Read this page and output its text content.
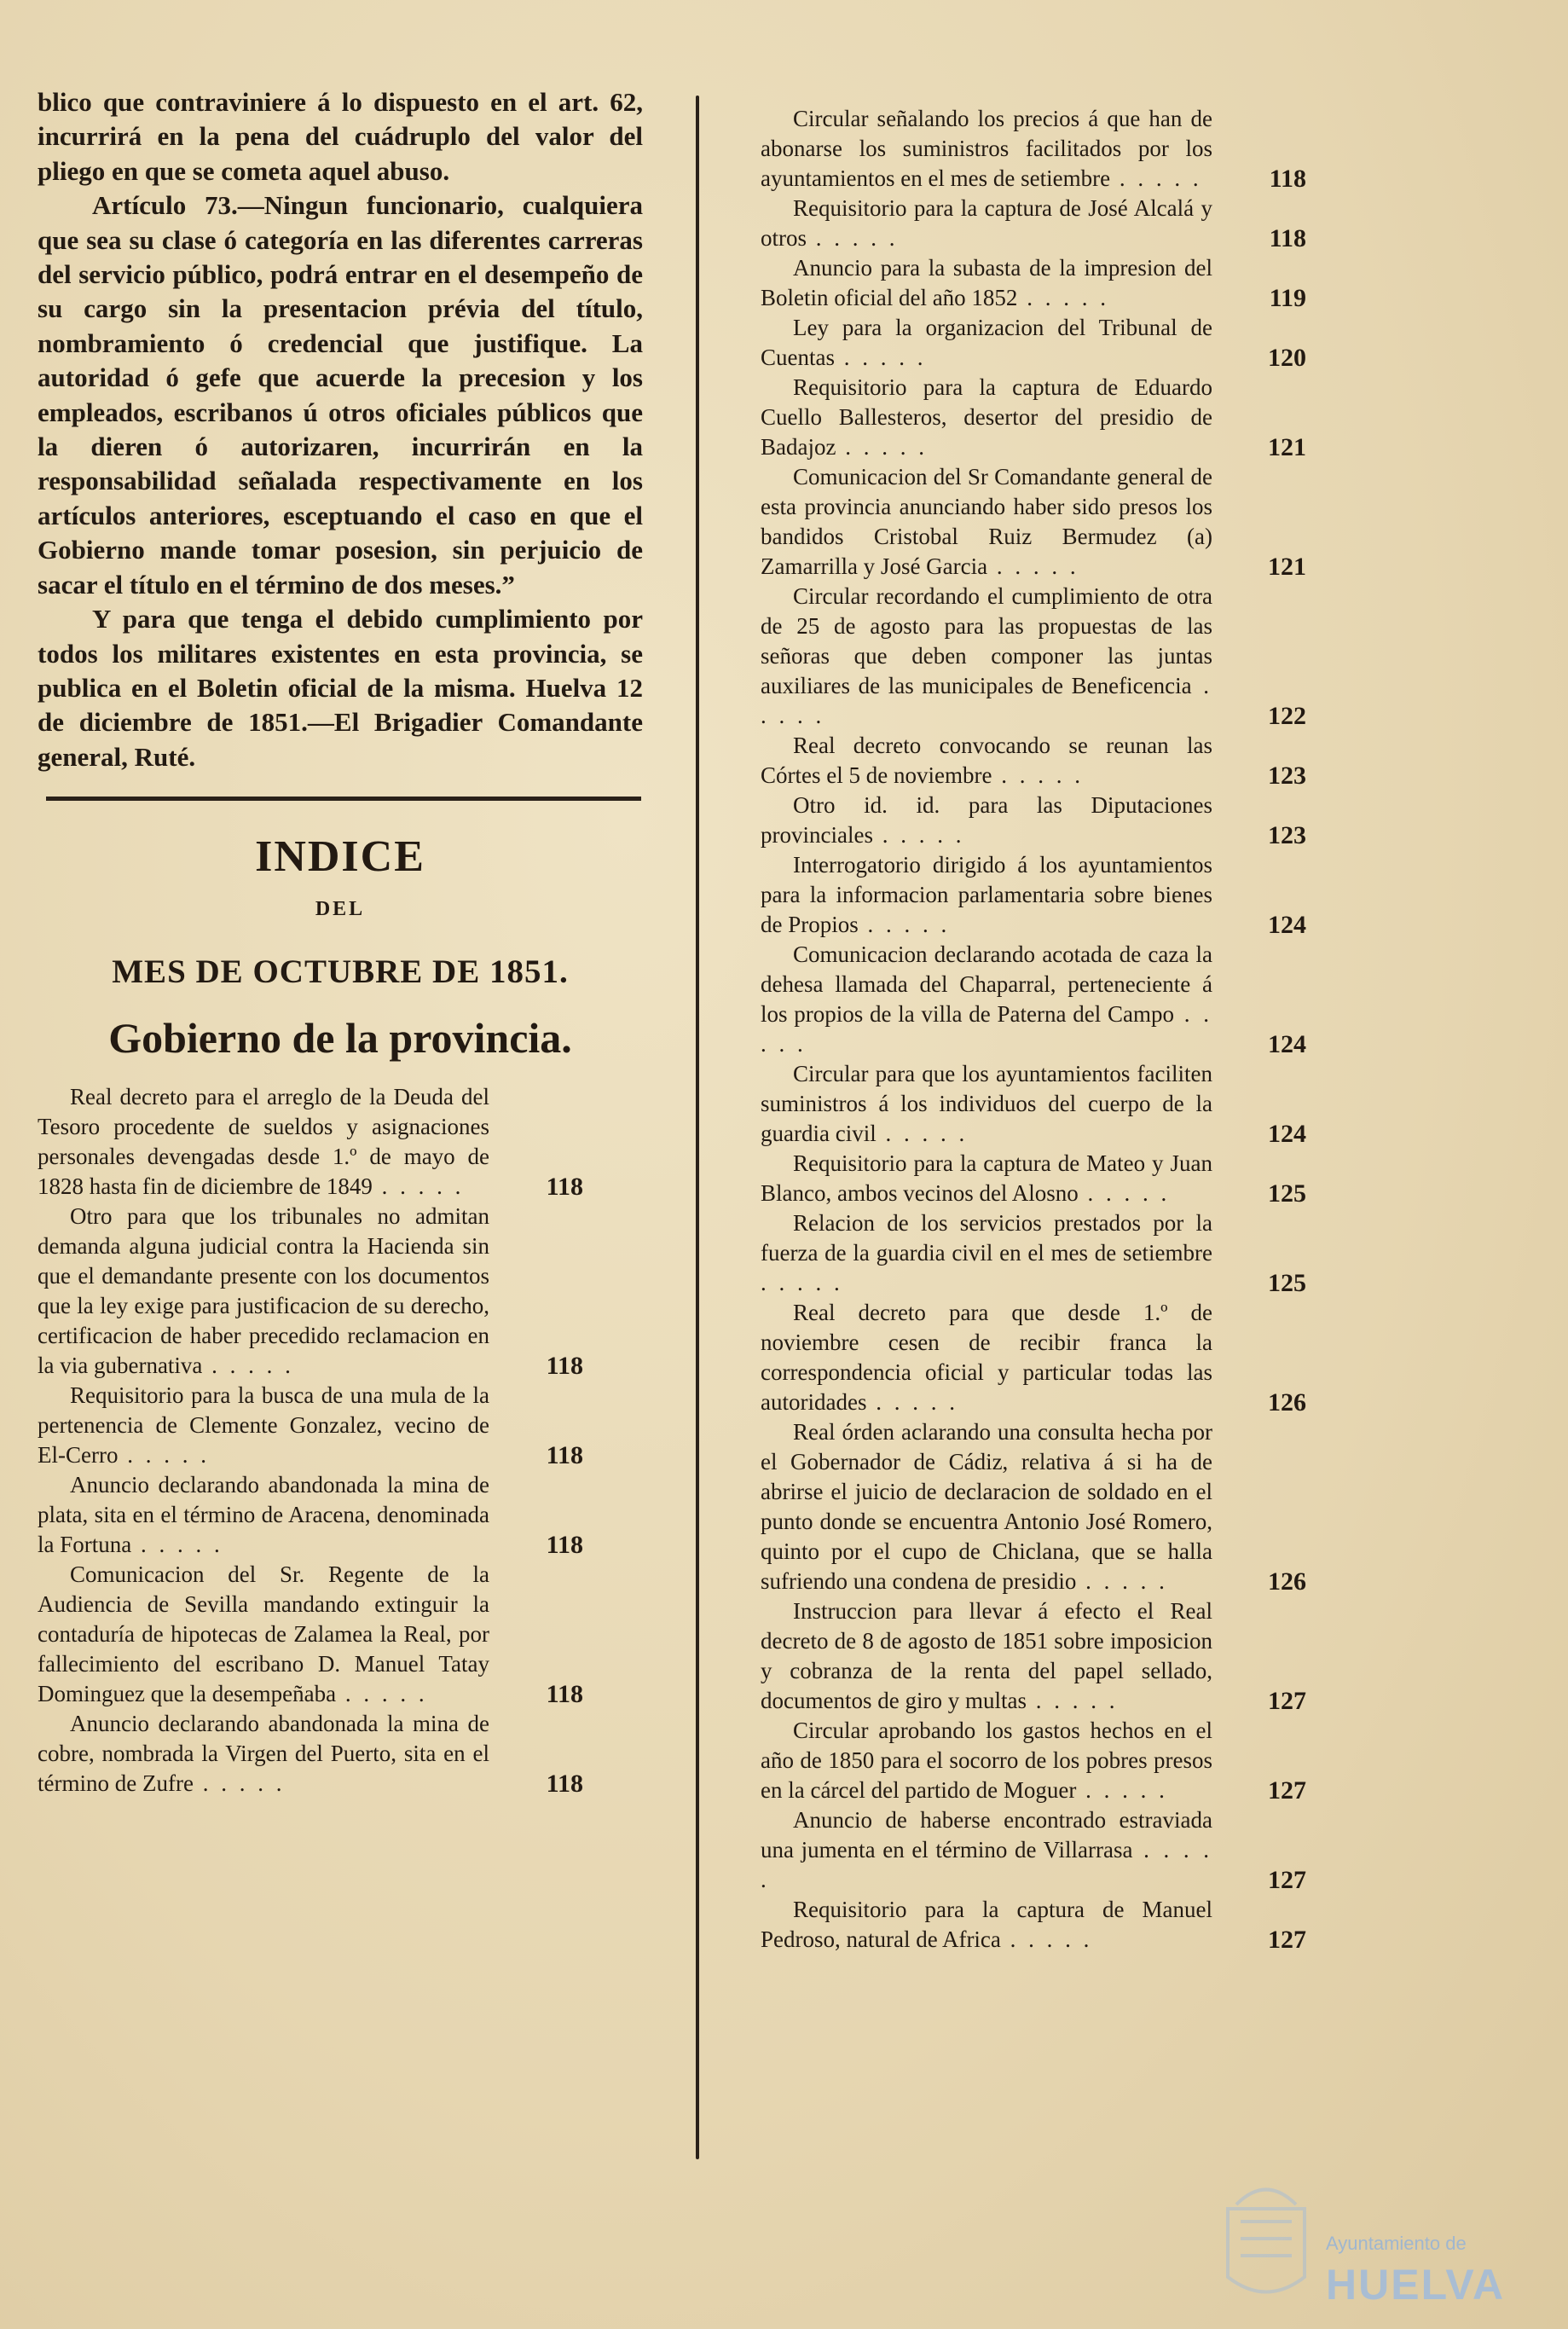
blico que contraviniere á lo dispuesto en el art. 62, incurrirá en la pena del cuádruplo del valor del pliego en que se cometa aquel abuso.

Artículo 73.—Ningun funcionario, cualquiera que sea su clase ó categoría en las diferentes carreras del servicio público, podrá entrar en el desempeño de su cargo sin la presentacion prévia del título, nombramiento ó credencial que justifique. La autoridad ó gefe que acuerde la precesion y los empleados, escribanos ú otros oficiales públicos que la dieren ó autorizaren, incurrirán en la responsabilidad señalada respectivamente en los artículos anteriores, esceptuando el caso en que el Gobierno mande tomar posesion, sin perjuicio de sacar el título en el término de dos meses.”

Y para que tenga el debido cumplimiento por todos los militares existentes en esta provincia, se publica en el Boletin oficial de la misma. Huelva 12 de diciembre de 1851.—El Brigadier Comandante general, Ruté.

INDICE
DEL
MES DE OCTUBRE DE 1851.
Gobierno de la provincia.
Real decreto para el arreglo de la Deuda del Tesoro procedente de sueldos y asignaciones personales devengadas desde 1.º de mayo de 1828 hasta fin de diciembre de 1849 . . . . .	118
Otro para que los tribunales no admitan demanda alguna judicial contra la Hacienda sin que el demandante presente con los documentos que la ley exige para justificacion de su derecho, certificacion de haber precedido reclamacion en la via gubernativa . . . . .	118
Requisitorio para la busca de una mula de la pertenencia de Clemente Gonzalez, vecino de El-Cerro . . . . .	118
Anuncio declarando abandonada la mina de plata, sita en el término de Aracena, denominada la Fortuna . . . . .	118
Comunicacion del Sr. Regente de la Audiencia de Sevilla mandando extinguir la contaduría de hipotecas de Zalamea la Real, por fallecimiento del escribano D. Manuel Tatay Dominguez que la desempeñaba . . . . .	118
Anuncio declarando abandonada la mina de cobre, nombrada la Virgen del Puerto, sita en el término de Zufre . . . . .	118
Circular señalando los precios á que han de abonarse los suministros facilitados por los ayuntamientos en el mes de setiembre . . . . .	118
Requisitorio para la captura de José Alcalá y otros . . . . .	118
Anuncio para la subasta de la impresion del Boletin oficial del año 1852 . . . . .	119
Ley para la organizacion del Tribunal de Cuentas . . . . .	120
Requisitorio para la captura de Eduardo Cuello Ballesteros, desertor del presidio de Badajoz . . . . .	121
Comunicacion del Sr Comandante general de esta provincia anunciando haber sido presos los bandidos Cristobal Ruiz Bermudez (a) Zamarrilla y José Garcia . . . . .	121
Circular recordando el cumplimiento de otra de 25 de agosto para las propuestas de las señoras que deben componer las juntas auxiliares de las municipales de Beneficencia . . . . .	122
Real decreto convocando se reunan las Córtes el 5 de noviembre . . . . .	123
Otro id. id. para las Diputaciones provinciales . . . . .	123
Interrogatorio dirigido á los ayuntamientos para la informacion parlamentaria sobre bienes de Propios . . . . .	124
Comunicacion declarando acotada de caza la dehesa llamada del Chaparral, perteneciente á los propios de la villa de Paterna del Campo . . . . .	124
Circular para que los ayuntamientos faciliten suministros á los individuos del cuerpo de la guardia civil . . . . .	124
Requisitorio para la captura de Mateo y Juan Blanco, ambos vecinos del Alosno . . . . .	125
Relacion de los servicios prestados por la fuerza de la guardia civil en el mes de setiembre . . . . .	125
Real decreto para que desde 1.º de noviembre cesen de recibir franca la correspondencia oficial y particular todas las autoridades . . . . .	126
Real órden aclarando una consulta hecha por el Gobernador de Cádiz, relativa á si ha de abrirse el juicio de declaracion de soldado en el punto donde se encuentra Antonio José Romero, quinto por el cupo de Chiclana, que se halla sufriendo una condena de presidio . . . . .	126
Instruccion para llevar á efecto el Real decreto de 8 de agosto de 1851 sobre imposicion y cobranza de la renta del papel sellado, documentos de giro y multas . . . . .	127
Circular aprobando los gastos hechos en el año de 1850 para el socorro de los pobres presos en la cárcel del partido de Moguer . . . . .	127
Anuncio de haberse encontrado estraviada una jumenta en el término de Villarrasa . . . . .	127
Requisitorio para la captura de Manuel Pedroso, natural de Africa . . . . .	127
Ayuntamiento de
HUELVA
